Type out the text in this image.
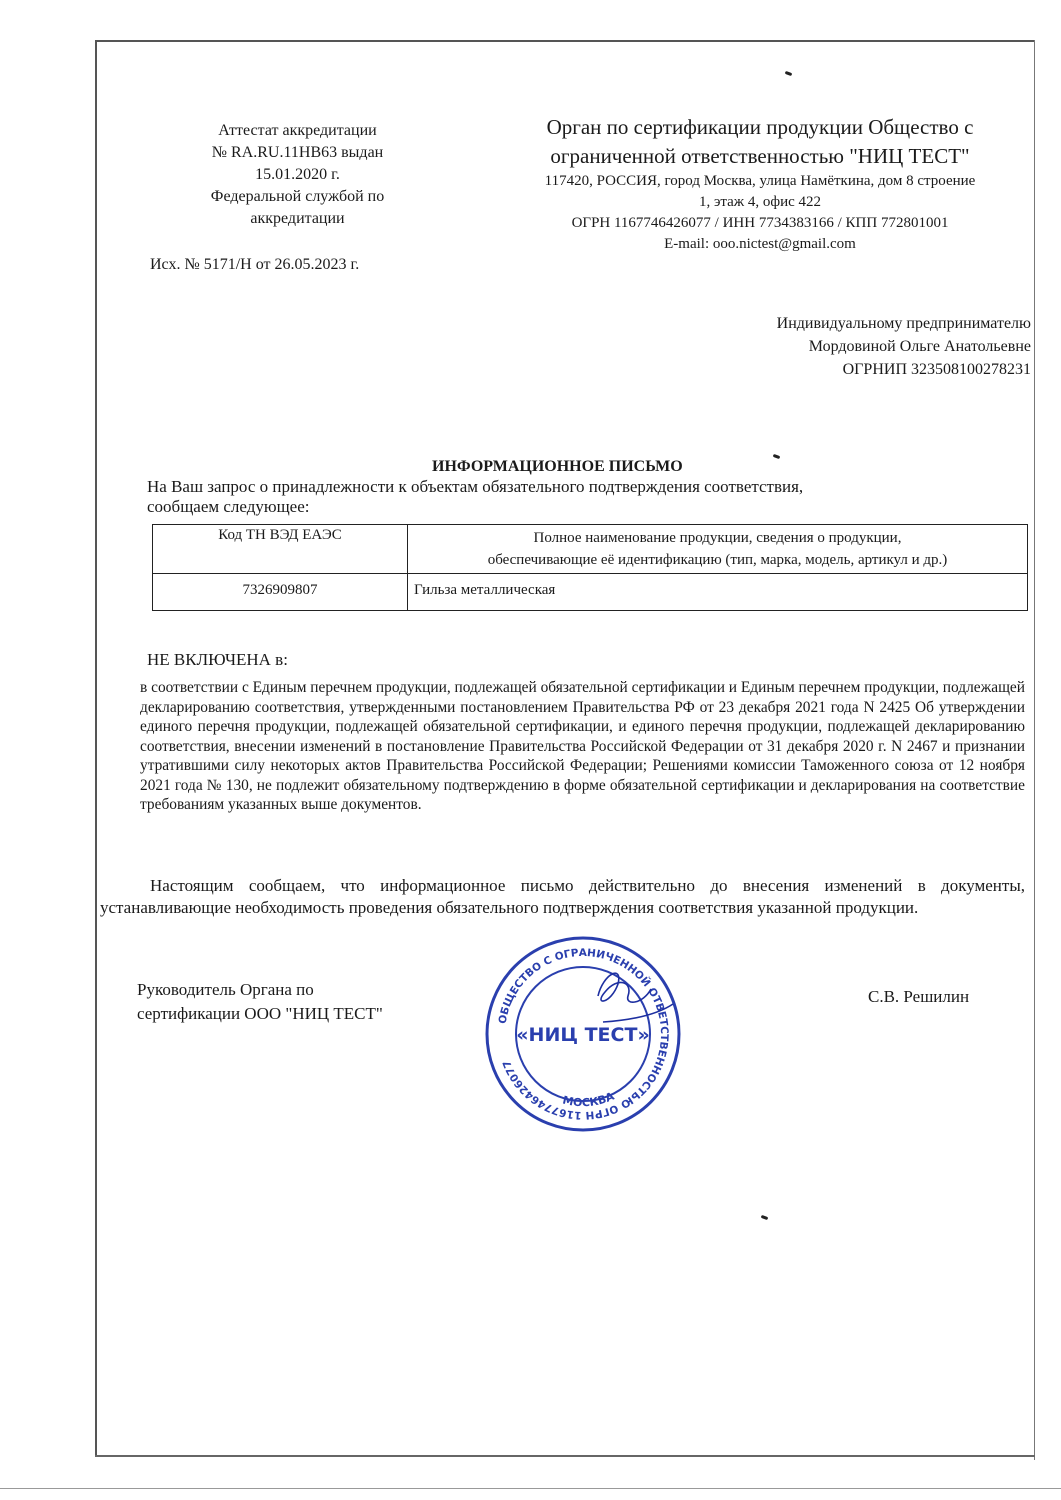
Аттестат аккредитации
№ RA.RU.11НВ63 выдан
15.01.2020 г.
Федеральной службой по
аккредитации
Исх. № 5171/Н от 26.05.2023 г.
Орган по сертификации продукции Общество с
ограниченной ответственностью "НИЦ ТЕСТ"
117420, РОССИЯ, город Москва, улица Намёткина, дом 8 строение
1, этаж 4, офис 422
ОГРН 1167746426077 / ИНН 7734383166 / КПП 772801001
E-mail: ooo.nictest@gmail.com
Индивидуальному предпринимателю
Мордовиной Ольге Анатольевне
ОГРНИП 323508100278231
ИНФОРМАЦИОННОЕ ПИСЬМО
На Ваш запрос о принадлежности к объектам обязательного подтверждения соответствия,
сообщаем следующее:
Код ТН ВЭД ЕАЭС	Полное наименование продукции, сведения о продукции,
обеспечивающие её идентификацию (тип, марка, модель, артикул и др.)

7326909807	Гильза металлическая
НЕ ВКЛЮЧЕНА в:
в соответствии с Единым перечнем продукции, подлежащей обязательной сертификации и Единым перечнем продукции, подлежащей декларированию соответствия, утвержденными постановлением Правительства РФ от 23 декабря 2021 года N 2425 Об утверждении единого перечня продукции, подлежащей обязательной сертификации, и единого перечня продукции, подлежащей декларированию соответствия, внесении изменений в постановление Правительства Российской Федерации от 31 декабря 2020 г. N 2467 и признании утратившими силу некоторых актов Правительства Российской Федерации; Решениями комиссии Таможенного союза от 12 ноября 2021 года № 130, не подлежит обязательному подтверждению в форме обязательной сертификации и декларирования на соответствие требованиям указанных выше документов.
Настоящим сообщаем, что информационное письмо действительно до внесения изменений в документы, устанавливающие необходимость проведения обязательного подтверждения соответствия указанной продукции.
Руководитель Органа по
сертификации ООО "НИЦ ТЕСТ"
С.В. Решилин
ОБЩЕСТВО С ОГРАНИЧЕННОЙ ОТВЕТСТВЕННОСТЬЮ ОГРН 1167746426077
МОСКВА
«НИЦ ТЕСТ»
